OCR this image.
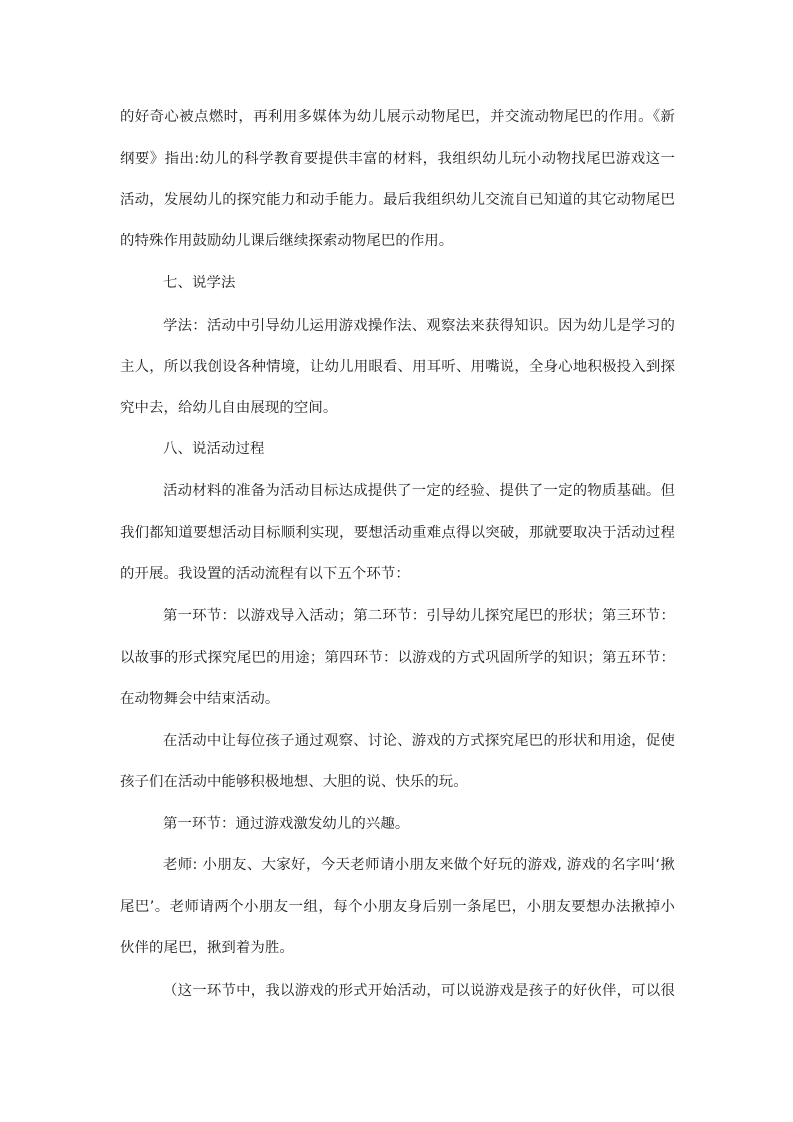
的好奇心被点燃时，再利用多媒体为幼儿展示动物尾巴，并交流动物尾巴的作用。《新
纲要》指出:幼儿的科学教育要提供丰富的材料，我组织幼儿玩小动物找尾巴游戏这一
活动，发展幼儿的探究能力和动手能力。最后我组织幼儿交流自已知道的其它动物尾巴
的特殊作用鼓励幼儿课后继续探索动物尾巴的作用。
七、说学法
学法：活动中引导幼儿运用游戏操作法、观察法来获得知识。因为幼儿是学习的
主人，所以我创设各种情境，让幼儿用眼看、用耳听、用嘴说，全身心地积极投入到探
究中去，给幼儿自由展现的空间。
八、说活动过程
活动材料的准备为活动目标达成提供了一定的经验、提供了一定的物质基础。但
我们都知道要想活动目标顺利实现，要想活动重难点得以突破，那就要取决于活动过程
的开展。我设置的活动流程有以下五个环节：
第一环节：以游戏导入活动；第二环节：引导幼儿探究尾巴的形状；第三环节：
以故事的形式探究尾巴的用途；第四环节：以游戏的方式巩固所学的知识；第五环节：
在动物舞会中结束活动。
在活动中让每位孩子通过观察、讨论、游戏的方式探究尾巴的形状和用途，促使
孩子们在活动中能够积极地想、大胆的说、快乐的玩。
第一环节：通过游戏激发幼儿的兴趣。
老师: 小朋友、大家好，今天老师请小朋友来做个好玩的游戏, 游戏的名字叫‘揪
尾巴’。老师请两个小朋友一组，每个小朋友身后别一条尾巴，小朋友要想办法揪掉小
伙伴的尾巴，揪到着为胜。
（这一环节中，我以游戏的形式开始活动，可以说游戏是孩子的好伙伴，可以很
